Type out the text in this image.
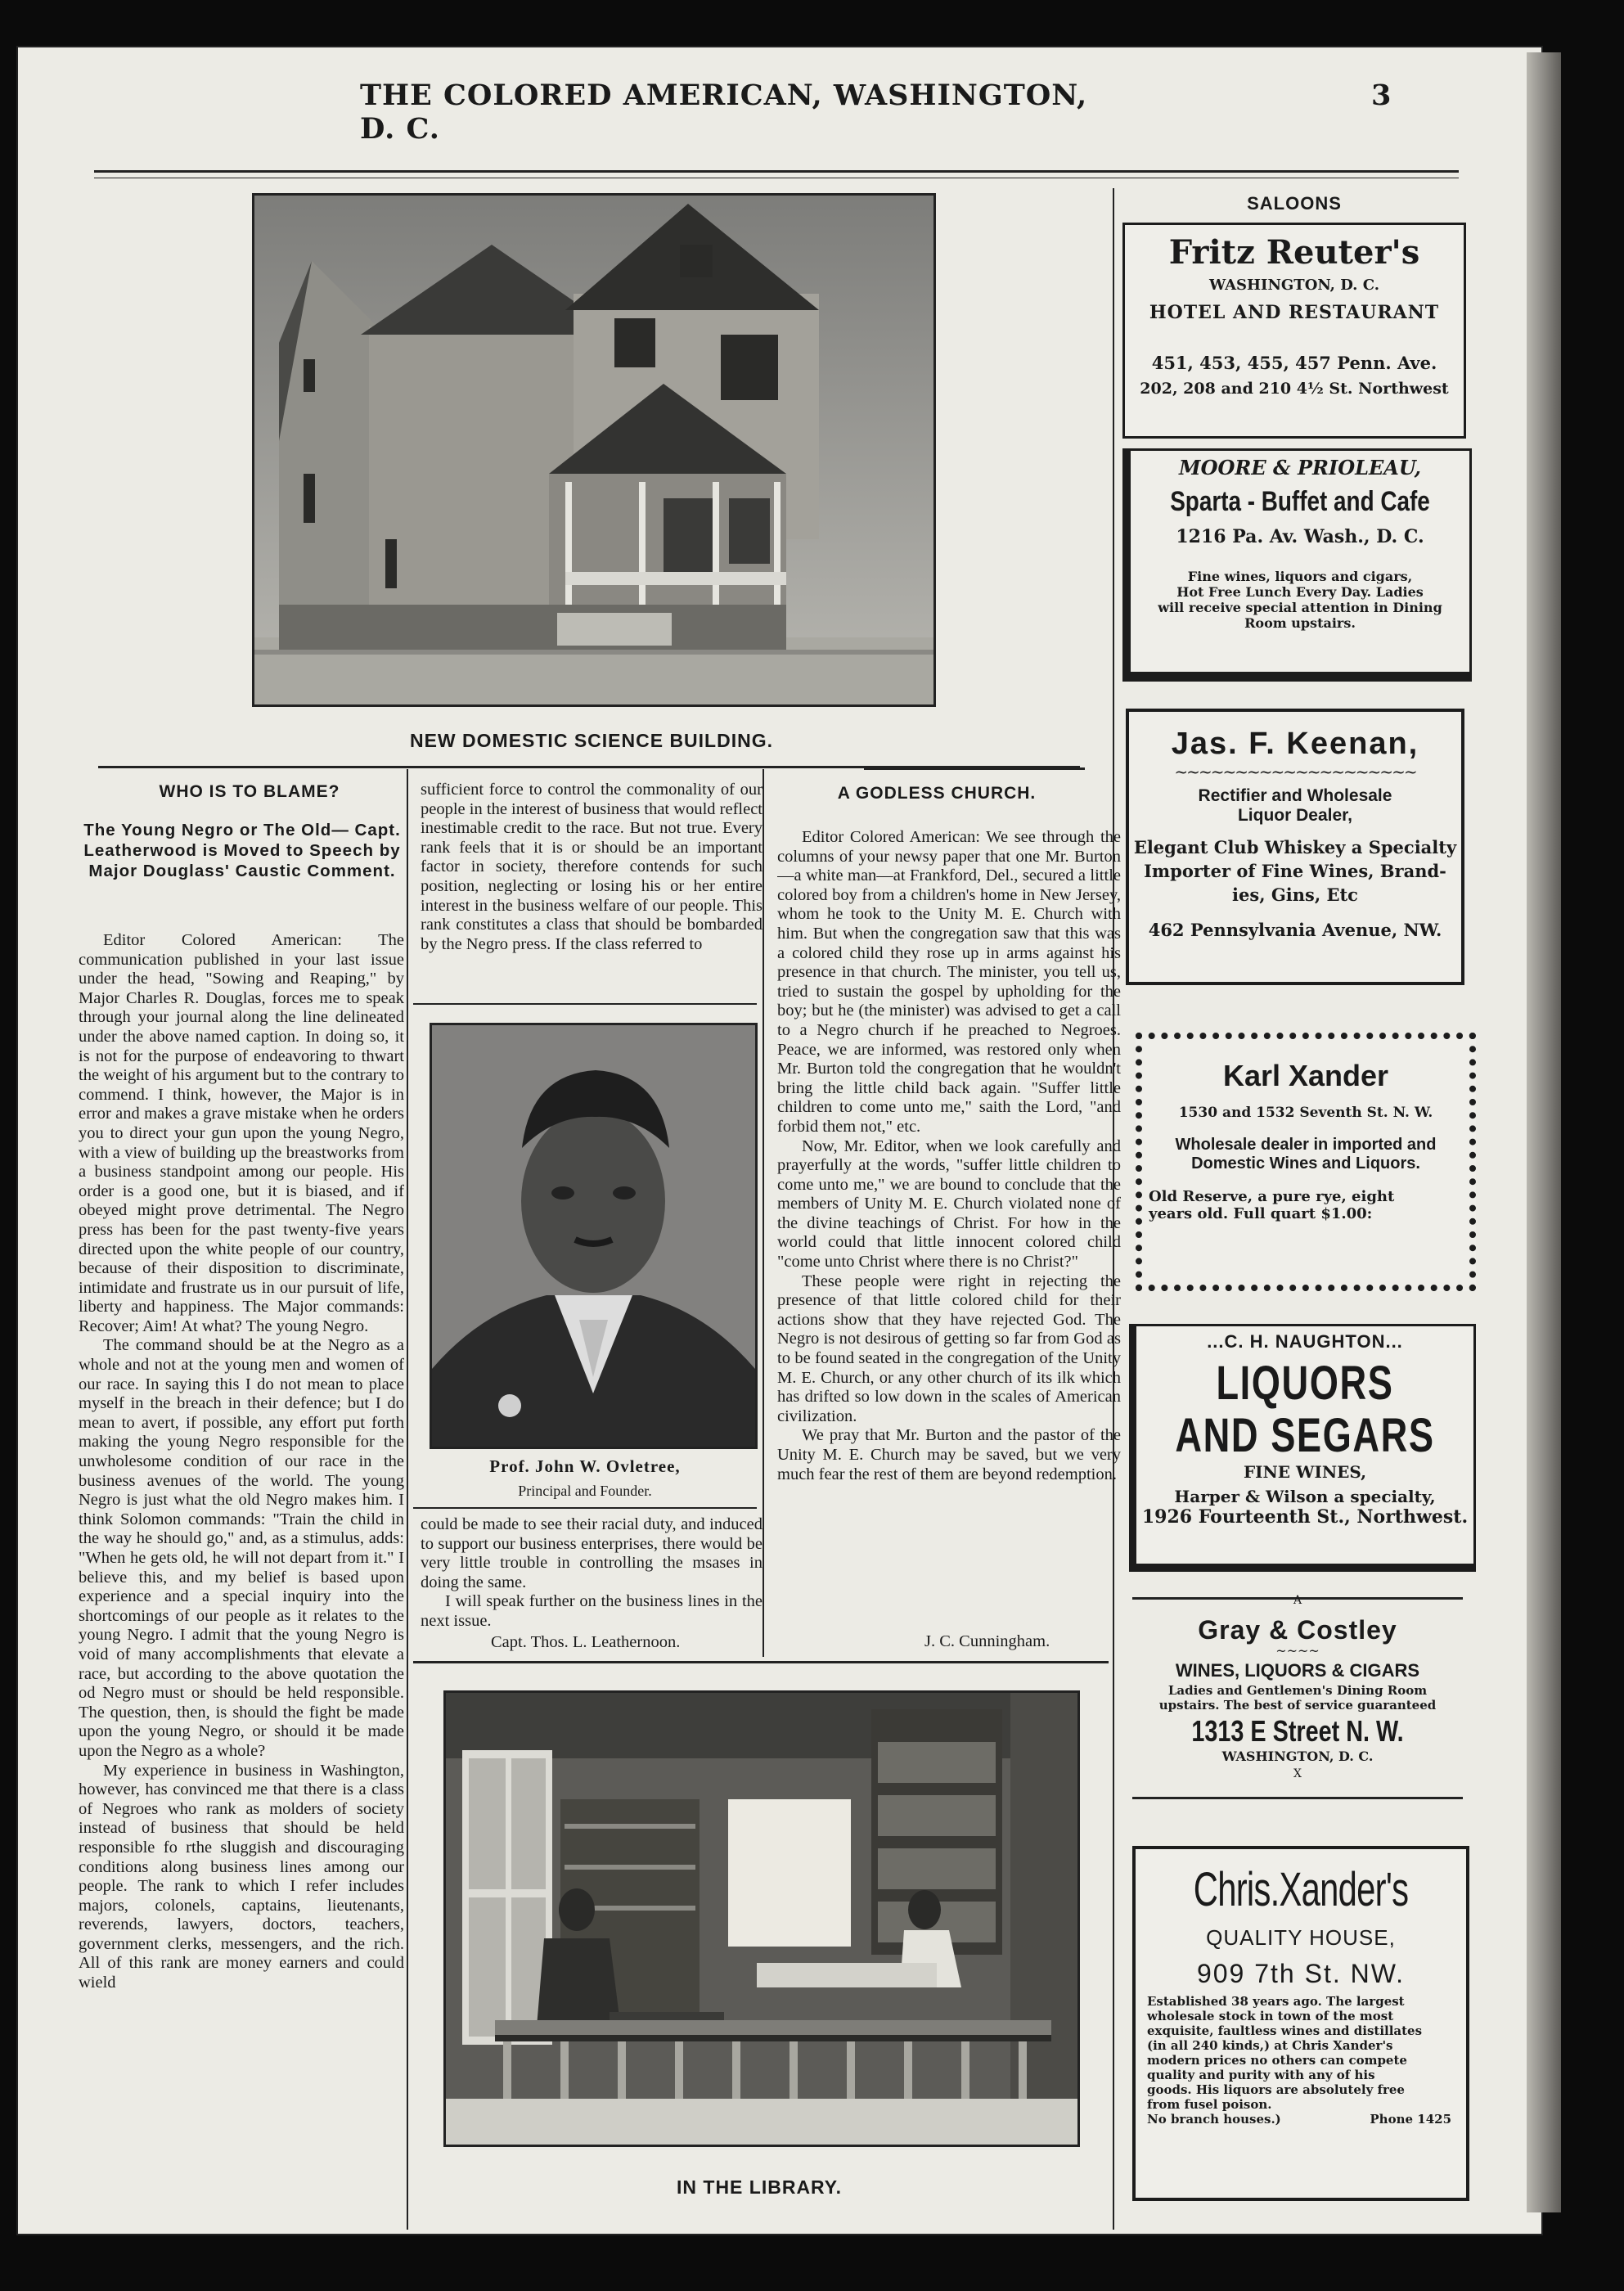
THE COLORED AMERICAN, WASHINGTON, D. C.
3
NEW DOMESTIC SCIENCE BUILDING.
WHO IS TO BLAME?
The Young Negro or The Old— Capt. Leatherwood is Moved to Speech by Major Douglass' Caustic Comment.

Editor Colored American: The communication published in your last issue under the head, "Sowing and Reaping," by Major Charles R. Douglas, forces me to speak through your journal along the line delineated under the above named caption. In doing so, it is not for the purpose of endeavoring to thwart the weight of his argument but to the contrary to commend. I think, however, the Major is in error and makes a grave mistake when he orders you to direct your gun upon the young Negro, with a view of building up the breastworks from a business standpoint among our people. His order is a good one, but it is biased, and if obeyed might prove detrimental. The Negro press has been for the past twenty-five years directed upon the white people of our country, because of their disposition to discriminate, intimidate and frustrate us in our pursuit of life, liberty and happiness. The Major commands: Recover; Aim! At what? The young Negro.

The command should be at the Negro as a whole and not at the young men and women of our race. In saying this I do not mean to place myself in the breach in their defence; but I do mean to avert, if possible, any effort put forth making the young Negro responsible for the unwholesome condition of our race in the business avenues of the world. The young Negro is just what the old Negro makes him. I think Solomon commands: "Train the child in the way he should go," and, as a stimulus, adds: "When he gets old, he will not depart from it." I believe this, and my belief is based upon experience and a special inquiry into the shortcomings of our people as it relates to the young Negro. I admit that the young Negro is void of many accomplishments that elevate a race, but according to the above quotation the od Negro must or should be held responsible. The question, then, is should the fight be made upon the young Negro, or should it be made upon the Negro as a whole?

My experience in business in Washington, however, has convinced me that there is a class of Negroes who rank as molders of society instead of business that should be held responsible fo rthe sluggish and discouraging conditions along business lines among our people. The rank to which I refer includes majors, colonels, captains, lieutenants, reverends, lawyers, doctors, teachers, government clerks, messengers, and the rich. All of this rank are money earners and could wield

sufficient force to control the commonality of our people in the interest of business that would reflect inestimable credit to the race. But not true. Every rank feels that it is or should be an important factor in society, therefore contends for such position, neglecting or losing his or her entire interest in the business welfare of our people. This rank constitutes a class that should be bombarded by the Negro press. If the class referred to

Prof. John W. Ovletree,
Principal and Founder.

could be made to see their racial duty, and induced to support our business enterprises, there would be very little trouble in controlling the msases in doing the same.

I will speak further on the business lines in the next issue.

Capt. Thos. L. Leathernoon.
A GODLESS CHURCH.

Editor Colored American: We see through the columns of your newsy paper that one Mr. Burton—a white man—at Frankford, Del., secured a little colored boy from a children's home in New Jersey, whom he took to the Unity M. E. Church with him. But when the congregation saw that this was a colored child they rose up in arms against his presence in that church. The minister, you tell us, tried to sustain the gospel by upholding for the boy; but he (the minister) was advised to get a call to a Negro church if he preached to Negroes. Peace, we are informed, was restored only when Mr. Burton told the congregation that he wouldn't bring the little child back again. "Suffer little children to come unto me," saith the Lord, "and forbid them not," etc.

Now, Mr. Editor, when we look carefully and prayerfully at the words, "suffer little children to come unto me," we are bound to conclude that the members of Unity M. E. Church violated none of the divine teachings of Christ. For how in the world could that little innocent colored child "come unto Christ where there is no Christ?"

These people were right in rejecting the presence of that little colored child for their actions show that they have rejected God. The Negro is not desirous of getting so far from God as to be found seated in the congregation of the Unity M. E. Church, or any other church of its ilk which has drifted so low down in the scales of American civilization.

We pray that Mr. Burton and the pastor of the Unity M. E. Church may be saved, but we very much fear the rest of them are beyond redemption.

J. C. Cunningham.
IN THE LIBRARY.
SALOONS
Fritz Reuter's
WASHINGTON, D. C.
HOTEL AND RESTAURANT
451, 453, 455, 457 Penn. Ave.
202, 208 and 210 4½ St. Northwest
MOORE & PRIOLEAU,
Sparta - Buffet and Cafe
1216 Pa. Av. Wash., D. C.
Fine wines, liquors and cigars,
Hot Free Lunch Every Day. Ladies
will receive special attention in Dining
Room upstairs.
Jas. F. Keenan,
~~~~~~~~~~~~~~~~~~~~
Rectifier and Wholesale
Liquor Dealer,
Elegant Club Whiskey a Specialty
Importer of Fine Wines, Brand-
ies, Gins, Etc
462 Pennsylvania Avenue, NW.
Karl Xander
1530 and 1532 Seventh St. N. W.
Wholesale dealer in imported and
Domestic Wines and Liquors.
Old Reserve, a pure rye, eight
years old. Full quart $1.00:
...C. H. NAUGHTON...
LIQUORS
AND SEGARS
FINE WINES,
Harper & Wilson a specialty,
1926 Fourteenth St., Northwest.
A
Gray & Costley
~~~~
WINES, LIQUORS & CIGARS
Ladies and Gentlemen's Dining Room
upstairs. The best of service guaranteed
1313 E Street N. W.
WASHINGTON, D. C.
X
Chris.Xander's
QUALITY HOUSE,
909 7th St. NW.
Established 38 years ago. The largest
wholesale stock in town of the most
exquisite, faultless wines and distillates
(in all 240 kinds,) at Chris Xander's
modern prices no others can compete
quality and purity with any of his
goods. His liquors are absolutely free
from fusel poison.
No branch houses.)	Phone 1425
